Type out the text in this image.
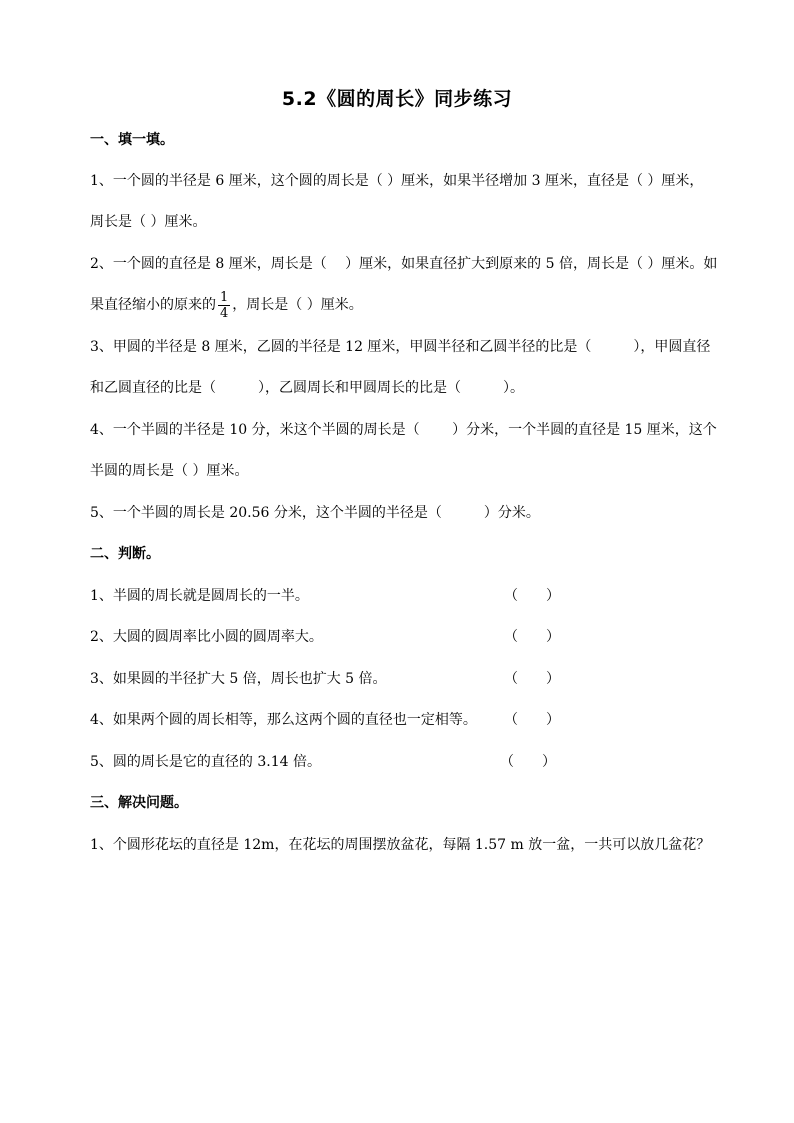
5.2《圆的周长》同步练习
一、填一填。
1、一个圆的半径是 6 厘米，这个圆的周长是（ ）厘米，如果半径增加 3 厘米，直径是（ ）厘米，
周长是（ ）厘米。
2、一个圆的直径是 8 厘米，周长是（　 ）厘米，如果直径扩大到原来的 5 倍，周长是（ ）厘米。如
果直径缩小的原来的 $\frac{1}{4}$ ，周长是（ ）厘米。
3、甲圆的半径是 8 厘米，乙圆的半径是 12 厘米，甲圆半径和乙圆半径的比是（　　　），甲圆直径
和乙圆直径的比是（　　　），乙圆周长和甲圆周长的比是（　　　）。
4、一个半圆的半径是 10 分，米这个半圆的周长是（　　 ）分米，一个半圆的直径是 15 厘米，这个
半圆的周长是（ ）厘米。
5、一个半圆的周长是 20.56 分米，这个半圆的半径是（　　　）分米。
二、判断。
1、半圆的周长就是圆周长的一半。	（　　）
2、大圆的圆周率比小圆的圆周率大。	（　　）
3、如果圆的半径扩大 5 倍，周长也扩大 5 倍。	（　　）
4、如果两个圆的周长相等，那么这两个圆的直径也一定相等。 （　　）
5、圆的周长是它的直径的 3.14 倍。	（　　）
三、解决问题。
1、个圆形花坛的直径是 12m，在花坛的周围摆放盆花，每隔 1.57 m 放一盆，一共可以放几盆花？
